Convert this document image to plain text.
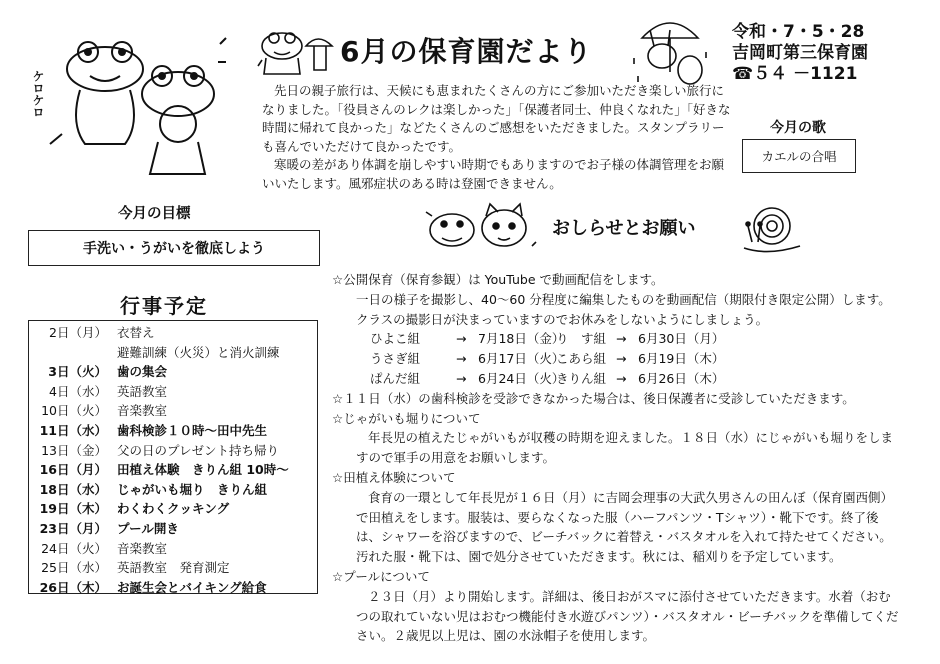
ケロケロ
6月の保育園だより
令和・7・5・28
吉岡町第三保育園
☎５４ －1121

先日の親子旅行は、天候にも恵まれたくさんの方にご参加いただき楽しい旅行になりました。「役員さんのレクは楽しかった」「保護者同士、仲良くなれた」「好きな時間に帰れて良かった」などたくさんのご感想をいただきました。スタンプラリーも喜んでいただけて良かったです。

寒暖の差があり体調を崩しやすい時期でもありますのでお子様の体調管理をお願いいたします。風邪症状のある時は登園できません。

今月の歌
カエルの合唱
今月の目標
手洗い・うがいを徹底しよう
行事予定
2日（月） 衣替え
避難訓練（火災）と消火訓練
3日（火） 歯の集会
4日（水） 英語教室
10日（火） 音楽教室
11日（水） 歯科検診１０時～田中先生
13日（金） 父の日のプレゼント持ち帰り
16日（月） 田植え体験　きりん組 10時～
18日（水） じゃがいも堀り　きりん組
19日（木） わくわくクッキング
23日（月） プール開き
24日（火） 音楽教室
25日（水） 英語教室　発育測定
26日（木） お誕生会とバイキング給食
おしらせとお願い
☆公開保育（保育参観）は YouTube で動画配信をします。

一日の様子を撮影し、40～60 分程度に編集したものを動画配信（期限付き限定公開）します。

クラスの撮影日が決まっていますのでお休みをしないようにしましょう。

ひよこ組	→ 7月18日（金）
り　す組 → 6月30日（月）
うさぎ組	→ 6月17日（火）
こあら組 → 6月19日（木）
ぱんだ組	→ 6月24日（火）
きりん組 → 6月26日（木）
☆１１日（水）の歯科検診を受診できなかった場合は、後日保護者に受診していただきます。
☆じゃがいも堀りについて

年長児の植えたじゃがいもが収穫の時期を迎えました。１８日（水）にじゃがいも堀りをしますので軍手の用意をお願いします。

☆田植え体験について

食育の一環として年長児が１６日（月）に吉岡会理事の大武久男さんの田んぼ（保育園西側）で田植えをします。服装は、要らなくなった服（ハーフパンツ・Tシャツ）・靴下です。終了後は、シャワーを浴びますので、ビーチバックに着替え・バスタオルを入れて持たせてください。汚れた服・靴下は、園で処分させていただきます。秋には、稲刈りを予定しています。

☆プールについて

２３日（月）より開始します。詳細は、後日おがスマに添付させていただきます。水着（おむつの取れていない児はおむつ機能付き水遊びパンツ）・バスタオル・ビーチバックを準備してください。２歳児以上児は、園の水泳帽子を使用します。
